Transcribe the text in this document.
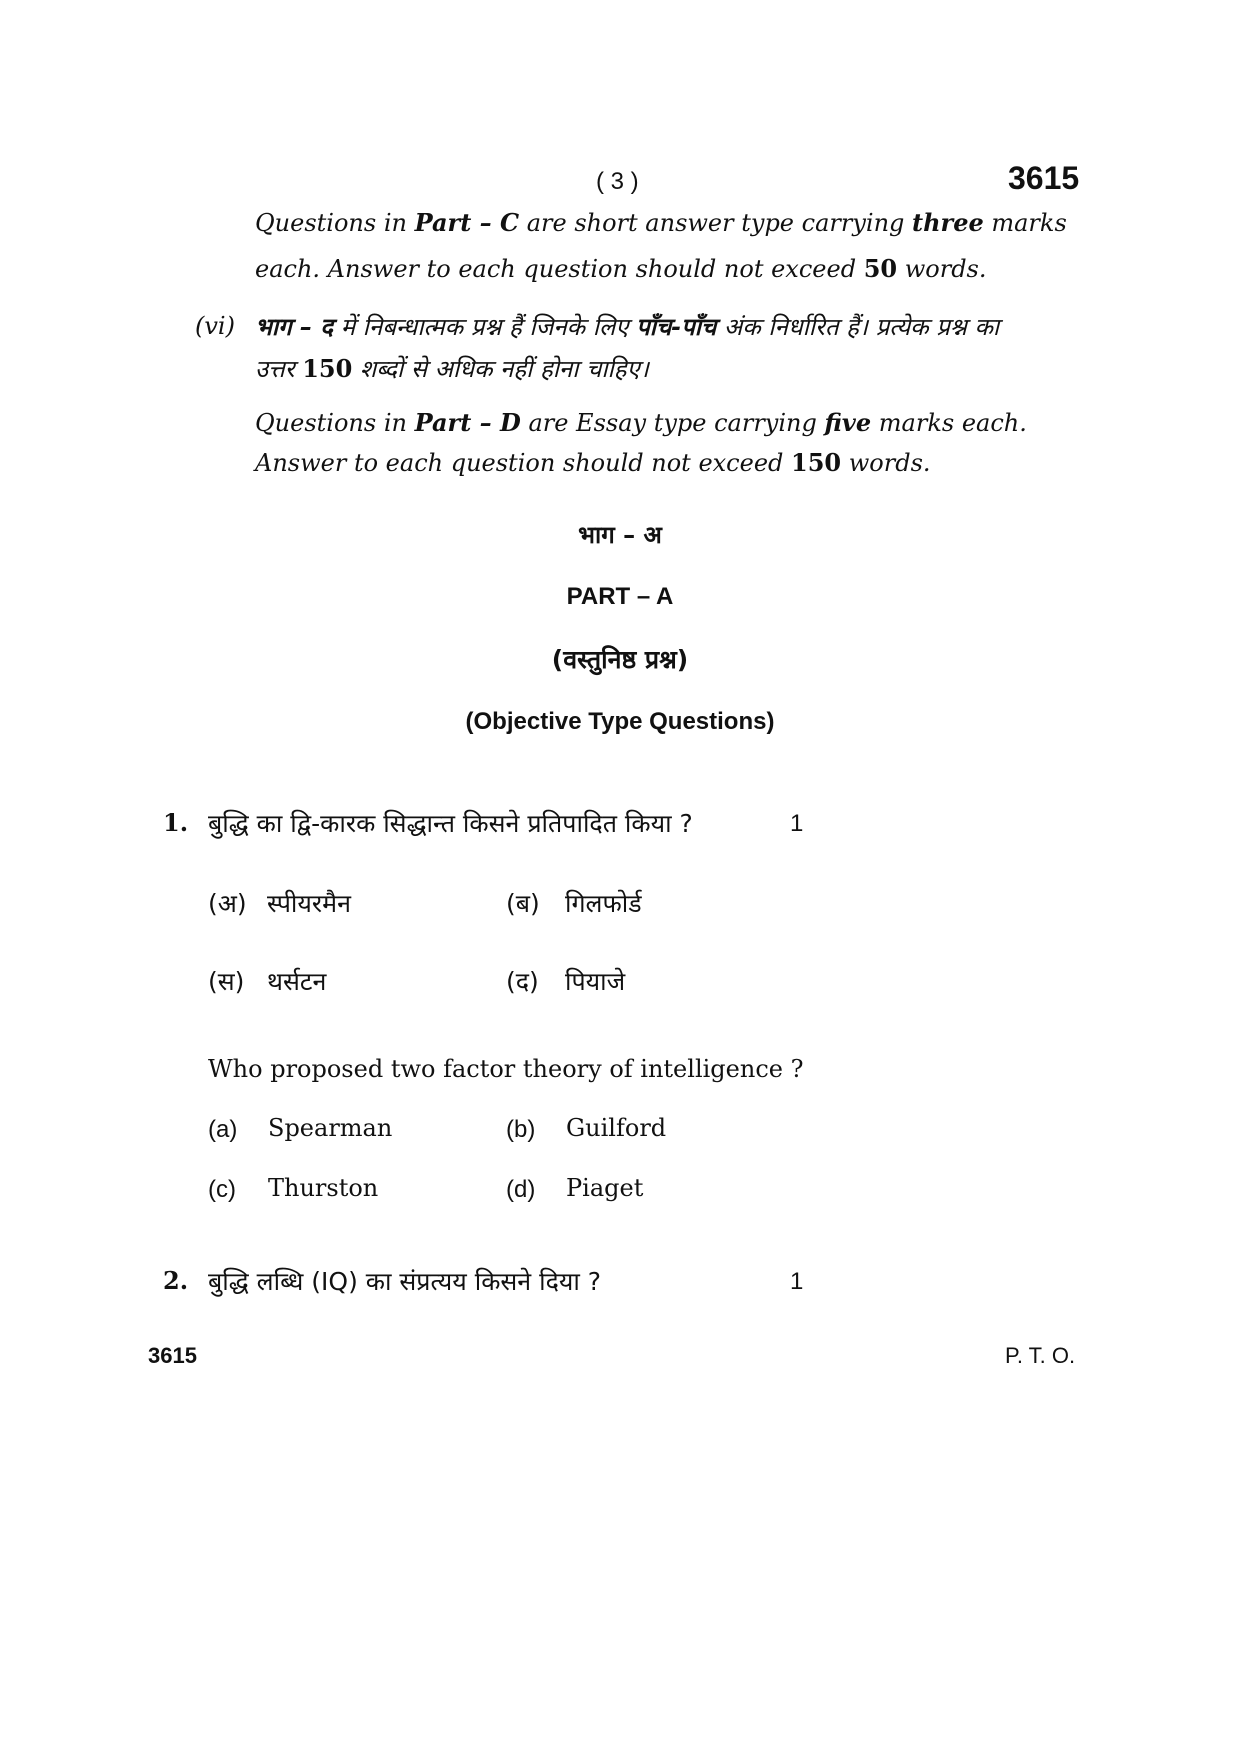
( 3 )	3615
Questions in Part – C are short answer type carrying three marks
each. Answer to each question should not exceed 50 words.
(vi) भाग – द में निबन्धात्मक प्रश्न हैं जिनके लिए पाँच-पाँच अंक निर्धारित हैं। प्रत्येक प्रश्न का
उत्तर 150 शब्दों से अधिक नहीं होना चाहिए।
Questions in Part – D are Essay type carrying five marks each.
Answer to each question should not exceed 150 words.
भाग – अ
PART – A
(वस्तुनिष्ठ प्रश्न)
(Objective Type Questions)
1. बुद्धि का द्वि-कारक सिद्धान्त किसने प्रतिपादित किया ?	1
(अ) स्पीयरमैन	(ब) गिलफोर्ड
(स) थर्सटन	(द) पियाजे
Who proposed two factor theory of intelligence ?
(a) Spearman	(b) Guilford
(c) Thurston	(d) Piaget
2. बुद्धि लब्धि (IQ) का संप्रत्यय किसने दिया ?	1
3615	P. T. O.
